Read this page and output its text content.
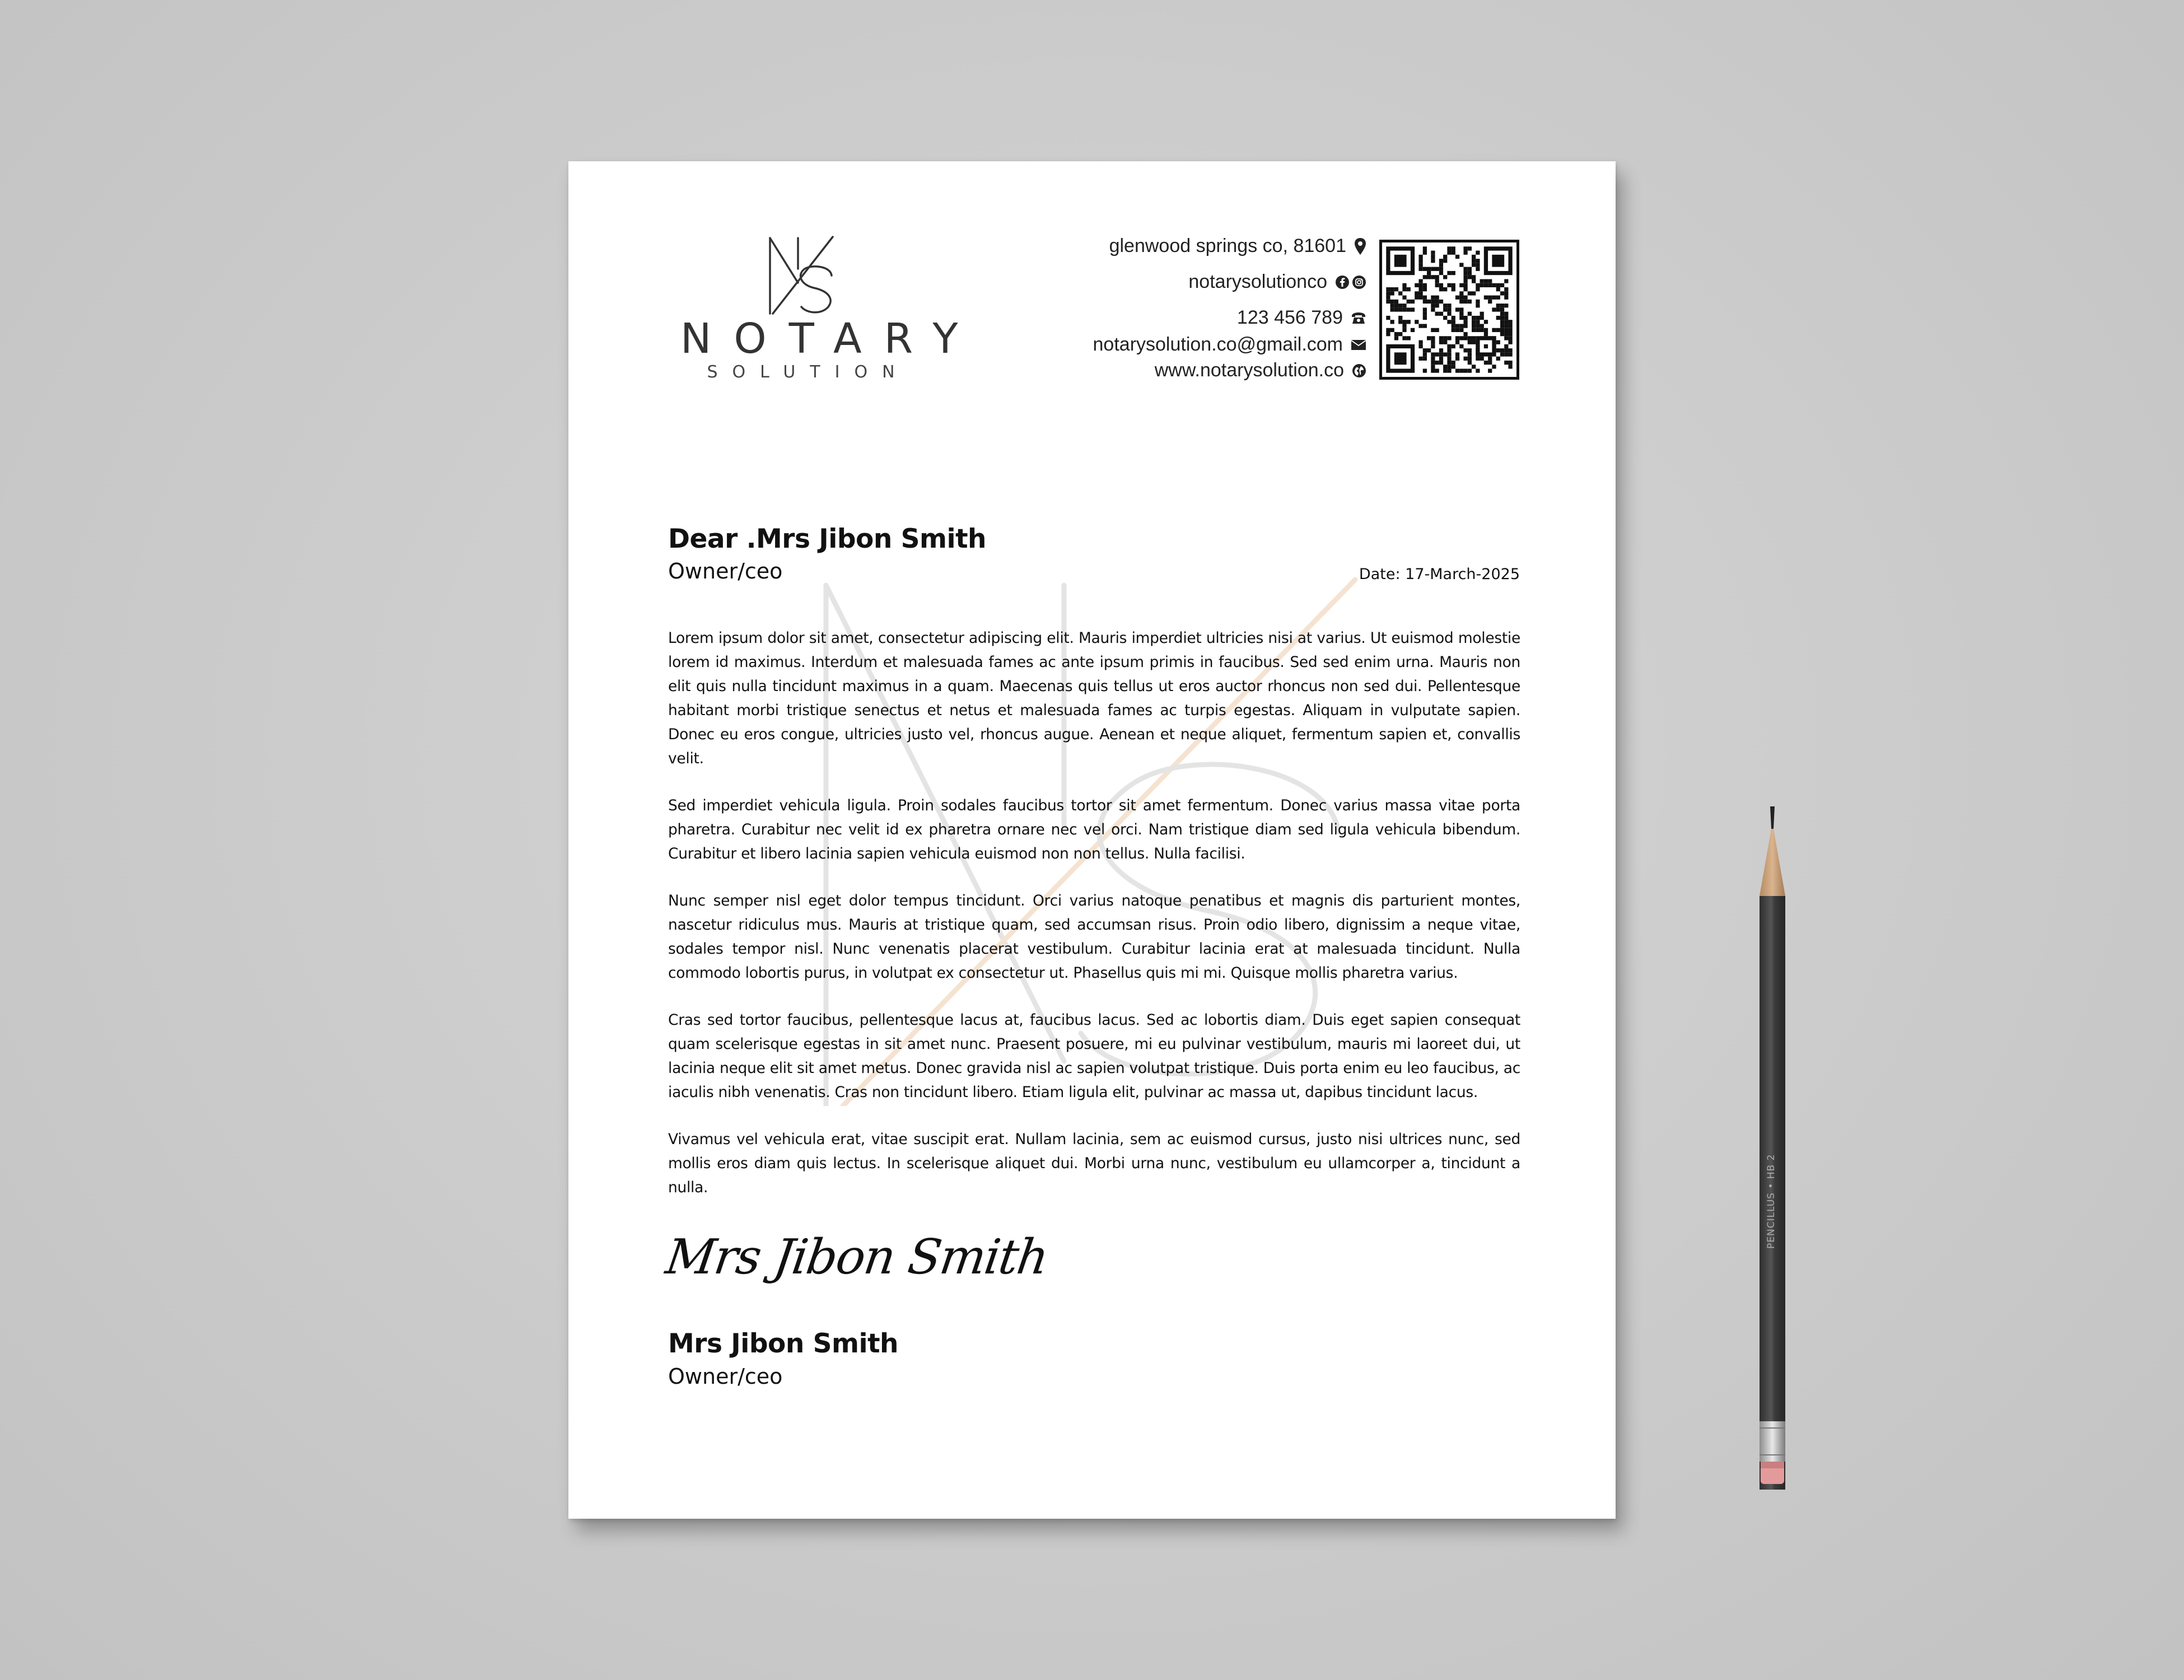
NOTARY
SOLUTION
glenwood springs co, 81601
notarysolutionco
123 456 789
notarysolution.co@gmail.com
www.notarysolution.co
Dear .Mrs Jibon Smith
Owner/ceo	Date: 17-March-2025

Lorem ipsum dolor sit amet, consectetur adipiscing elit. Mauris imperdiet ultricies nisi at varius. Ut euismod molestie lorem id maximus. Interdum et malesuada fames ac ante ipsum primis in faucibus. Sed sed enim urna. Mauris non elit quis nulla tincidunt maximus in a quam. Maecenas quis tellus ut eros auctor rhoncus non sed dui. Pellentesque habitant morbi tristique senectus et netus et malesuada fames ac turpis egestas. Aliquam in vulputate sapien. Donec eu eros congue, ultricies justo vel, rhoncus augue. Aenean et neque aliquet, fermentum sapien et, convallis velit.

Sed imperdiet vehicula ligula. Proin sodales faucibus tortor sit amet fermentum. Donec varius massa vitae porta pharetra. Curabitur nec velit id ex pharetra ornare nec vel orci. Nam tristique diam sed ligula vehicula bibendum. Curabitur et libero lacinia sapien vehicula euismod non non tellus. Nulla facilisi.

Nunc semper nisl eget dolor tempus tincidunt. Orci varius natoque penatibus et magnis dis parturient montes, nascetur ridiculus mus. Mauris at tristique quam, sed accumsan risus. Proin odio libero, dignissim a neque vitae, sodales tempor nisl. Nunc venenatis placerat vestibulum. Curabitur lacinia erat at malesuada tincidunt. Nulla commodo lobortis purus, in volutpat ex consectetur ut. Phasellus quis mi mi. Quisque mollis pharetra varius.

Cras sed tortor faucibus, pellentesque lacus at, faucibus lacus. Sed ac lobortis diam. Duis eget sapien consequat quam scelerisque egestas in sit amet nunc. Praesent posuere, mi eu pulvinar vestibulum, mauris mi laoreet dui, ut lacinia neque elit sit amet metus. Donec gravida nisl ac sapien volutpat tristique. Duis porta enim eu leo faucibus, ac iaculis nibh venenatis. Cras non tincidunt libero. Etiam ligula elit, pulvinar ac massa ut, dapibus tincidunt lacus.

Vivamus vel vehicula erat, vitae suscipit erat. Nullam lacinia, sem ac euismod cursus, justo nisi ultrices nunc, sed mollis eros diam quis lectus. In scelerisque aliquet dui. Morbi urna nunc, vestibulum eu ullamcorper a, tincidunt a nulla.

Mrs Jibon Smith
Mrs Jibon Smith
Owner/ceo
PENCILLUS • HB 2
